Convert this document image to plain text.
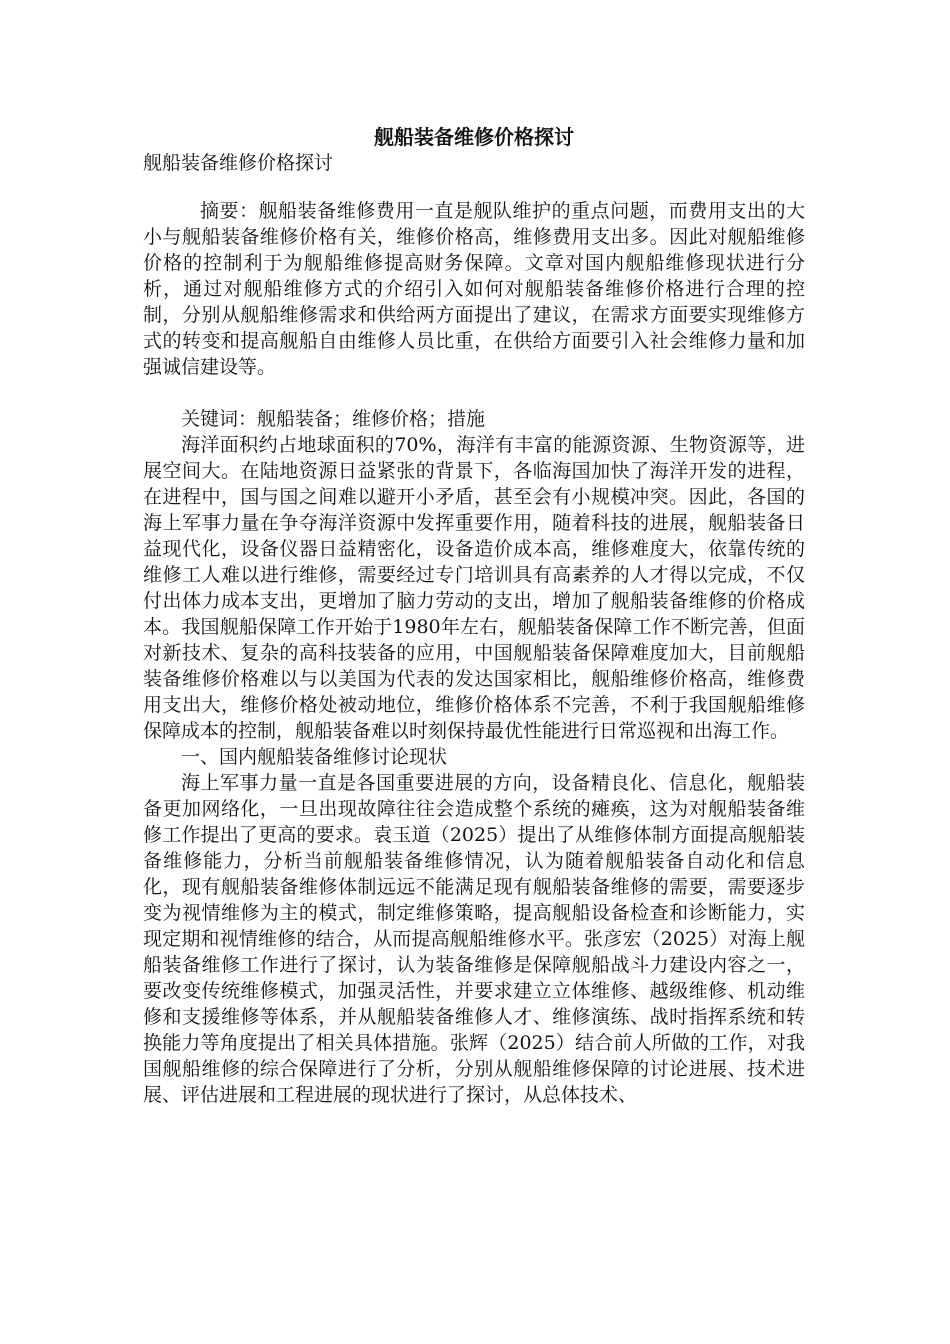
舰船装备维修价格探讨

舰船装备维修价格探讨

摘要：舰船装备维修费用一直是舰队维护的重点问题，而费用支出的大小与舰船装备维修价格有关，维修价格高，维修费用支出多。因此对舰船维修价格的控制利于为舰船维修提高财务保障。文章对国内舰船维修现状进行分析，通过对舰船维修方式的介绍引入如何对舰船装备维修价格进行合理的控制，分别从舰船维修需求和供给两方面提出了建议，在需求方面要实现维修方式的转变和提高舰船自由维修人员比重，在供给方面要引入社会维修力量和加强诚信建设等。

关键词：舰船装备；维修价格；措施

海洋面积约占地球面积的70%，海洋有丰富的能源资源、生物资源等，进展空间大。在陆地资源日益紧张的背景下，各临海国加快了海洋开发的进程，在进程中，国与国之间难以避开小矛盾，甚至会有小规模冲突。因此，各国的海上军事力量在争夺海洋资源中发挥重要作用，随着科技的进展，舰船装备日益现代化，设备仪器日益精密化，设备造价成本高，维修难度大，依靠传统的维修工人难以进行维修，需要经过专门培训具有高素养的人才得以完成，不仅付出体力成本支出，更增加了脑力劳动的支出，增加了舰船装备维修的价格成本。我国舰船保障工作开始于1980年左右，舰船装备保障工作不断完善，但面对新技术、复杂的高科技装备的应用，中国舰船装备保障难度加大，目前舰船装备维修价格难以与以美国为代表的发达国家相比，舰船维修价格高，维修费用支出大，维修价格处被动地位，维修价格体系不完善，不利于我国舰船维修保障成本的控制，舰船装备难以时刻保持最优性能进行日常巡视和出海工作。

一、国内舰船装备维修讨论现状

海上军事力量一直是各国重要进展的方向，设备精良化、信息化，舰船装备更加网络化，一旦出现故障往往会造成整个系统的瘫痪，这为对舰船装备维修工作提出了更高的要求。袁玉道（2025）提出了从维修体制方面提高舰船装备维修能力，分析当前舰船装备维修情况，认为随着舰船装备自动化和信息化，现有舰船装备维修体制远远不能满足现有舰船装备维修的需要，需要逐步变为视情维修为主的模式，制定维修策略，提高舰船设备检查和诊断能力，实现定期和视情维修的结合，从而提高舰船维修水平。张彦宏（2025）对海上舰船装备维修工作进行了探讨，认为装备维修是保障舰船战斗力建设内容之一，要改变传统维修模式，加强灵活性，并要求建立立体维修、越级维修、机动维修和支援维修等体系，并从舰船装备维修人才、维修演练、战时指挥系统和转换能力等角度提出了相关具体措施。张辉（2025）结合前人所做的工作，对我国舰船维修的综合保障进行了分析，分别从舰船维修保障的讨论进展、技术进展、评估进展和工程进展的现状进行了探讨，从总体技术、
